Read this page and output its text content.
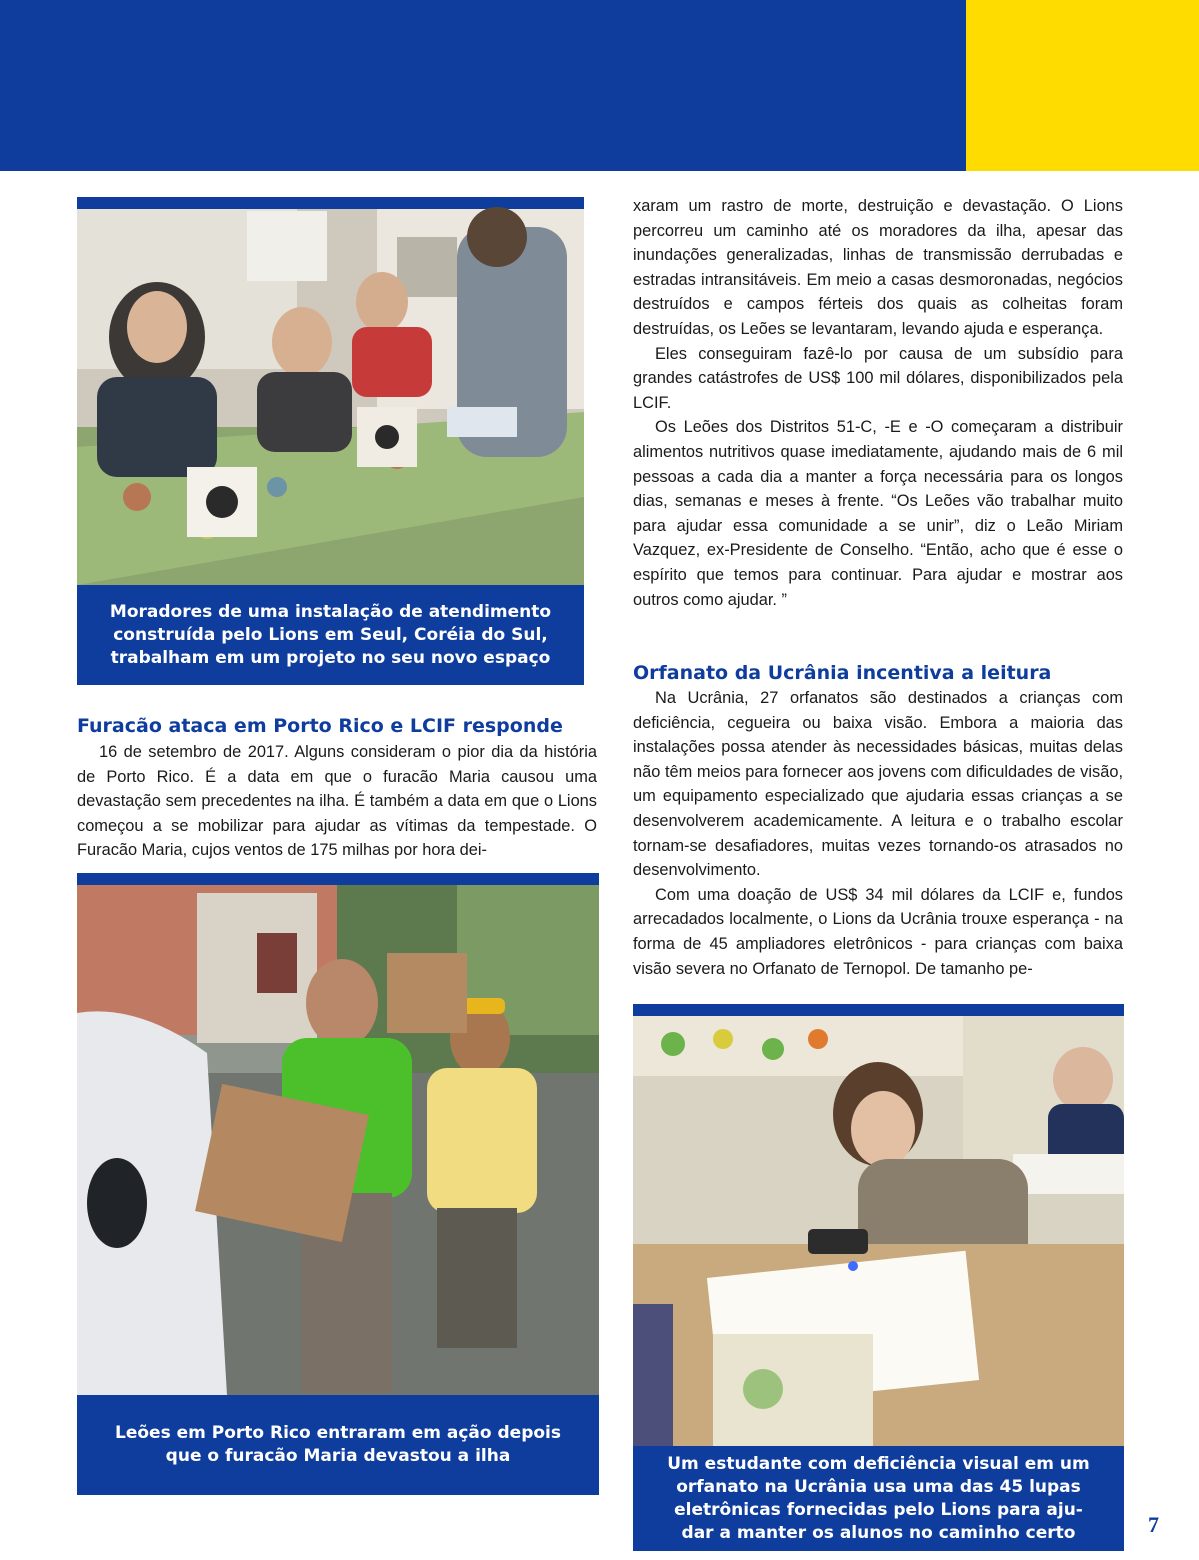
Moradores de uma instalação de atendimento
construída pelo Lions em Seul, Coréia do Sul,
trabalham em um projeto no seu novo espaço
Furacão ataca em Porto Rico e LCIF responde

16 de setembro de 2017. Alguns consideram o pior dia da história de Porto Rico. É a data em que o furacão Maria causou uma devastação sem precedentes na ilha. É também a data em que o Lions começou a se mobilizar para ajudar as vítimas da tempestade. O Furacão Maria, cujos ventos de 175 milhas por hora dei-

Leões em Porto Rico entraram em ação depois
que o furacão Maria devastou a ilha

xaram um rastro de morte, destruição e devastação. O Lions percorreu um caminho até os moradores da ilha, apesar das inundações generalizadas, linhas de transmissão derrubadas e estradas intransitáveis. Em meio a casas desmoronadas, negócios destruídos e campos férteis dos quais as colheitas foram destruídas, os Leões se levantaram, levando ajuda e esperança.

Eles conseguiram fazê-lo por causa de um subsídio para grandes catástrofes de US$ 100 mil dólares, disponibilizados pela LCIF.

Os Leões dos Distritos 51-C, -E e -O começaram a distribuir alimentos nutritivos quase imediatamente, ajudando mais de 6 mil pessoas a cada dia a manter a força necessária para os longos dias, semanas e meses à frente. “Os Leões vão trabalhar muito para ajudar essa comunidade a se unir”, diz o Leão Miriam Vazquez, ex-Presidente de Conselho. “Então, acho que é esse o espírito que temos para continuar. Para ajudar e mostrar aos outros como ajudar. ”

Orfanato da Ucrânia incentiva a leitura

Na Ucrânia, 27 orfanatos são destinados a crianças com deficiência, cegueira ou baixa visão. Embora a maioria das instalações possa atender às necessidades básicas, muitas delas não têm meios para fornecer aos jovens com dificuldades de visão, um equipamento especializado que ajudaria essas crianças a se desenvolverem academicamente. A leitura e o trabalho escolar tornam-se desafiadores, muitas vezes tornando-os atrasados no desenvolvimento.

Com uma doação de US$ 34 mil dólares da LCIF e, fundos arrecadados localmente, o Lions da Ucrânia trouxe esperança - na forma de 45 ampliadores eletrônicos - para crianças com baixa visão severa no Orfanato de Ternopol. De tamanho pe-

Um estudante com deficiência visual em um
orfanato na Ucrânia usa uma das 45 lupas
eletrônicas fornecidas pelo Lions para aju-
dar a manter os alunos no caminho certo	7
